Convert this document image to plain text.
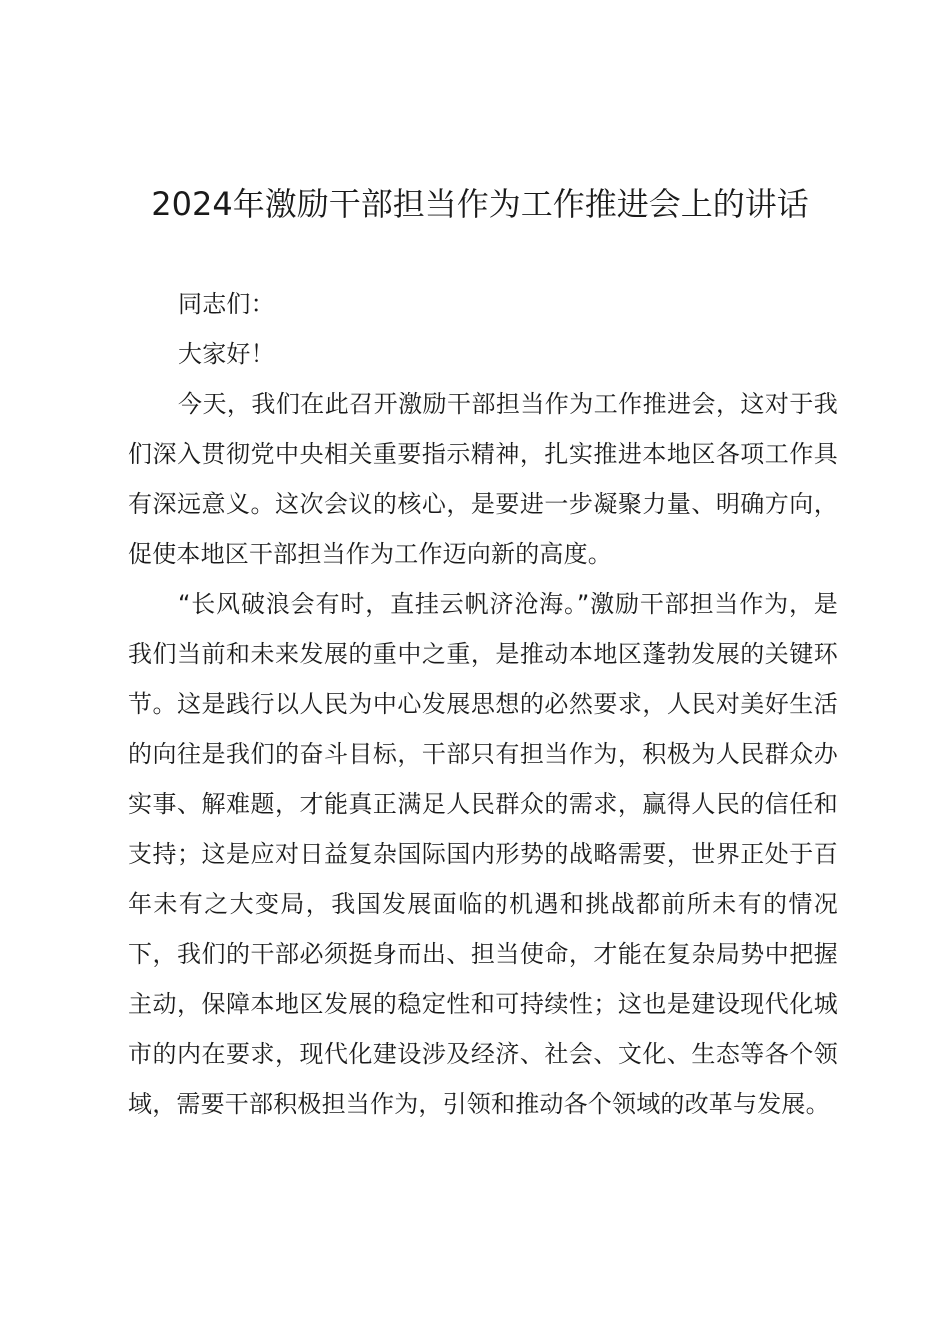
2024年激励干部担当作为工作推进会上的讲话

同志们：

大家好！

今天，我们在此召开激励干部担当作为工作推进会，这对于我们深入贯彻党中央相关重要指示精神，扎实推进本地区各项工作具有深远意义。这次会议的核心，是要进一步凝聚力量、明确方向，促使本地区干部担当作为工作迈向新的高度。

“长风破浪会有时，直挂云帆济沧海。”激励干部担当作为，是我们当前和未来发展的重中之重，是推动本地区蓬勃发展的关键环节。这是践行以人民为中心发展思想的必然要求，人民对美好生活的向往是我们的奋斗目标，干部只有担当作为，积极为人民群众办实事、解难题，才能真正满足人民群众的需求，赢得人民的信任和支持；这是应对日益复杂国际国内形势的战略需要，世界正处于百年未有之大变局，我国发展面临的机遇和挑战都前所未有的情况下，我们的干部必须挺身而出、担当使命，才能在复杂局势中把握主动，保障本地区发展的稳定性和可持续性；这也是建设现代化城市的内在要求，现代化建设涉及经济、社会、文化、生态等各个领域，需要干部积极担当作为，引领和推动各个领域的改革与发展。
